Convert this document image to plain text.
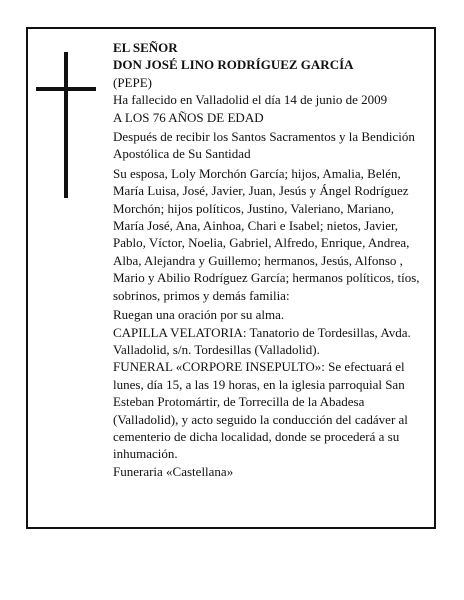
EL SEÑOR

DON JOSÉ LINO RODRÍGUEZ GARCÍA

(PEPE)

Ha fallecido en Valladolid el día 14 de junio de 2009

A LOS 76 AÑOS DE EDAD

Después de recibir los Santos Sacramentos y la Bendición Apostólica de Su Santidad

Su esposa, Loly Morchón García; hijos, Amalia, Belén, María Luisa, José, Javier, Juan, Jesús y Ángel Rodríguez Morchón; hijos políticos, Justino, Valeriano, Mariano, María José, Ana, Ainhoa, Chari e Isabel; nietos, Javier, Pablo, Víctor, Noelia, Gabriel, Alfredo, Enrique, Andrea, Alba, Alejandra y Guillemo; hermanos, Jesús, Alfonso , Mario y Abilio Rodríguez García; hermanos políticos, tíos, sobrinos, primos y demás familia:

Ruegan una oración por su alma.

CAPILLA VELATORIA: Tanatorio de Tordesillas, Avda. Valladolid, s/n. Tordesillas (Valladolid).

FUNERAL «CORPORE INSEPULTO»: Se efectuará el lunes, día 15, a las 19 horas, en la iglesia parroquial San Esteban Protomártir, de Torrecilla de la Abadesa (Valladolid), y acto seguido la conducción del cadáver al cementerio de dicha localidad, donde se procederá a su inhumación.

Funeraria «Castellana»
